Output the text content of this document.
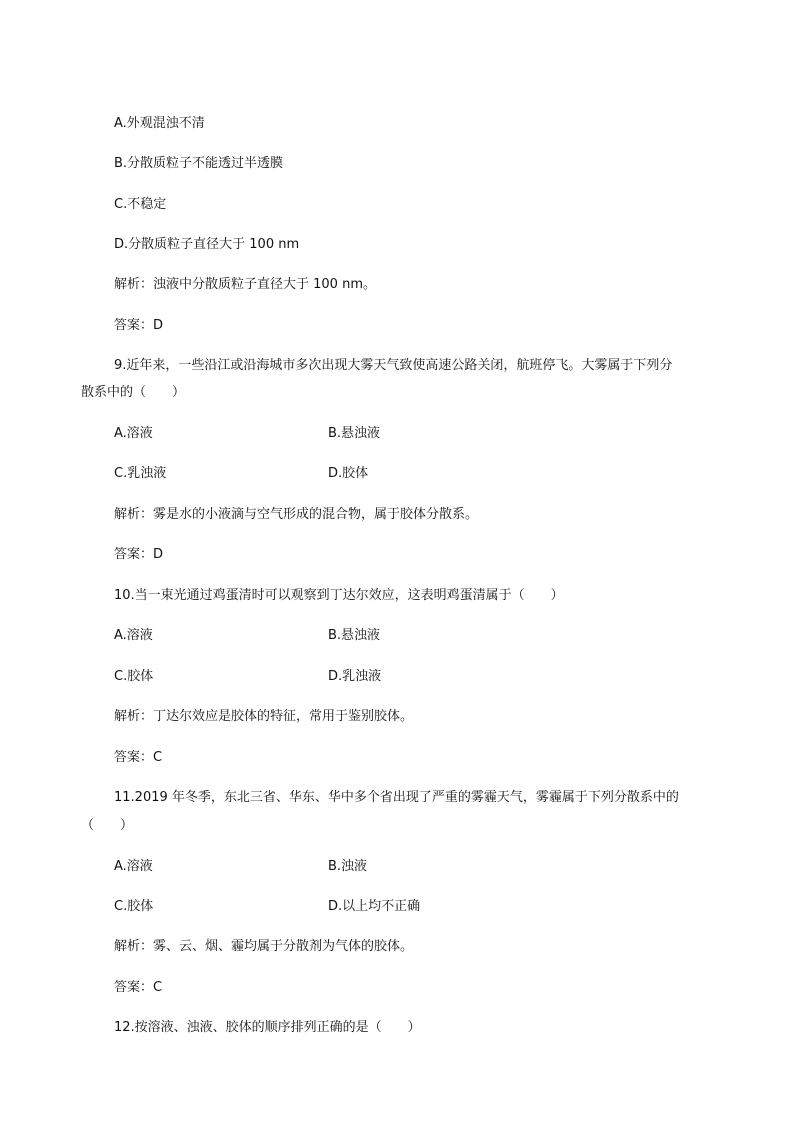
A.外观混浊不清
B.分散质粒子不能透过半透膜
C.不稳定
D.分散质粒子直径大于 100 nm
解析：浊液中分散质粒子直径大于 100 nm。
答案：D
9.近年来，一些沿江或沿海城市多次出现大雾天气致使高速公路关闭，航班停飞。大雾属于下列分
散系中的（　　）
A.溶液	B.悬浊液
C.乳浊液	D.胶体
解析：雾是水的小液滴与空气形成的混合物，属于胶体分散系。
答案：D
10.当一束光通过鸡蛋清时可以观察到丁达尔效应，这表明鸡蛋清属于（　　）
A.溶液	B.悬浊液
C.胶体	D.乳浊液
解析：丁达尔效应是胶体的特征，常用于鉴别胶体。
答案：C
11.2019 年冬季，东北三省、华东、华中多个省出现了严重的雾霾天气，雾霾属于下列分散系中的
（　　）
A.溶液	B.浊液
C.胶体	D.以上均不正确
解析：雾、云、烟、霾均属于分散剂为气体的胶体。
答案：C
12.按溶液、浊液、胶体的顺序排列正确的是（　　）
